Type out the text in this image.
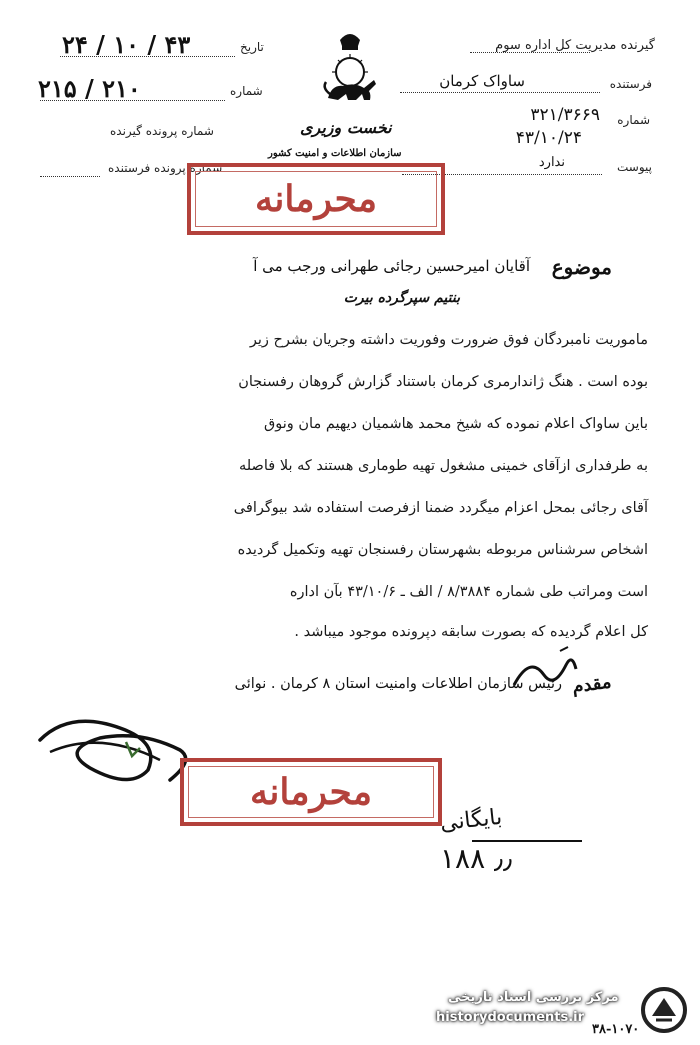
گیرنده مدیریت کل اداره سوم
فرستنده
ساواک کرمان
شماره
۳۲۱/۳۶۶۹
۴۳/۱۰/۲۴
پیوست
ندارد
نخست وزیری
سازمان اطلاعات و امنیت کشور
تاریخ
۲۴ / ۱۰ / ۴۳
شماره
۲۱۵ / ۲۱۰
شماره پرونده گیرنده
شماره پرونده فرستنده
محرمانه
موضوع
آقایان امیرحسین رجائی طهرانی ورجب می آ
بنتیم سپرگرده بیرت
ماموریت نامبردگان فوق ضرورت وفوریت داشته وجریان بشرح زیر
بوده است . هنگ ژاندارمری کرمان باستناد گزارش گروهان رفسنجان
باین ساواک اعلام نموده که شیخ محمد هاشمیان دیهیم مان ونوق
به طرفداری ازآقای خمینی مشغول تهیه طوماری هستند که بلا فاصله
آقای رجائی بمحل اعزام میگردد ضمنا ازفرصت استفاده شد بیوگرافی
اشخاص سرشناس مربوطه بشهرستان رفسنجان تهیه وتکمیل گردیده
است ومراتب طی شماره ۸/۳۸۸۴ / الف ـ ۴۳/۱۰/۶ بآن اداره
کل اعلام گردیده که بصورت سابقه دپرونده موجود میباشد .
رئیس سازمان اطلاعات وامنیت استان ۸ کرمان . نوائی مقدم
محرمانه
بایگانی
۱۸۸ ٫٫
مرکز بررسی اسناد تاریخی
historydocuments.ir
۳۸-۱۰۷۰
